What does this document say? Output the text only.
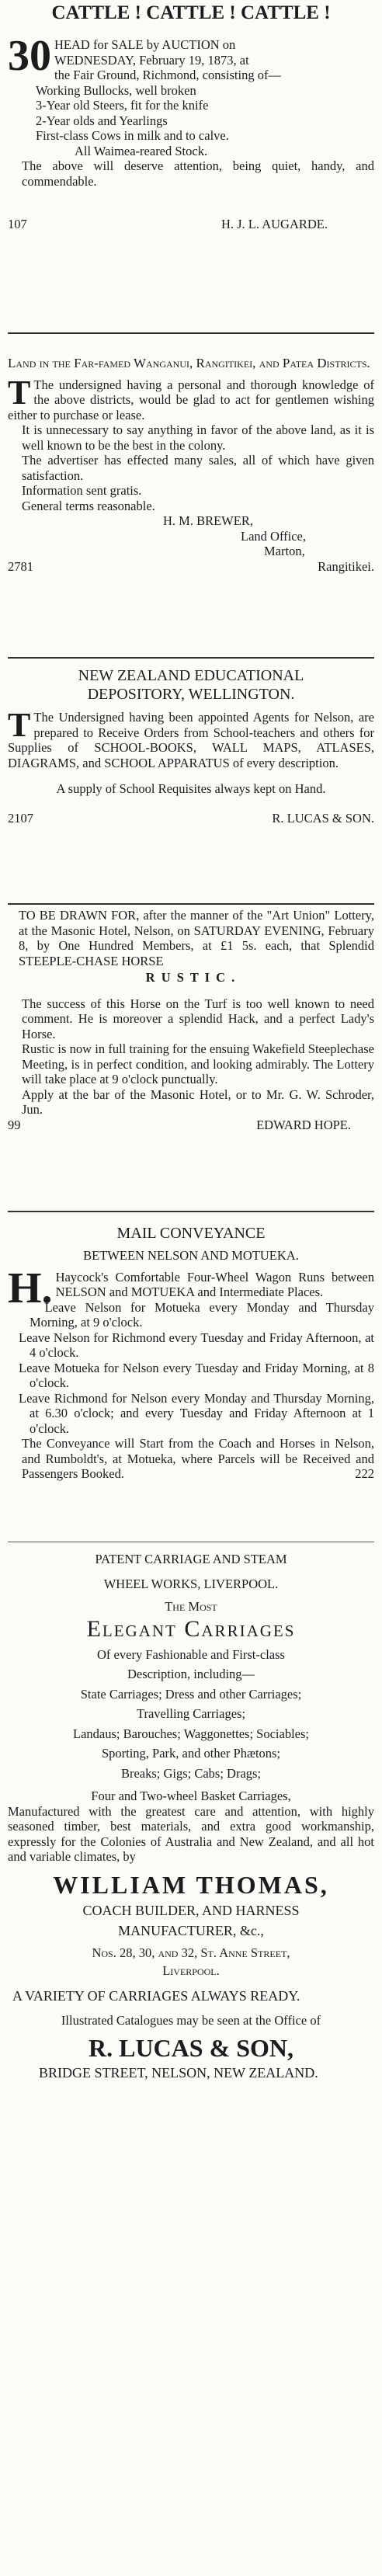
CATTLE ! CATTLE ! CATTLE !
30 HEAD for SALE by AUCTION on
WEDNESDAY, February 19, 1873, at
the Fair Ground, Richmond, consisting of—
Working Bullocks, well broken
3-Year old Steers, fit for the knife
2-Year olds and Yearlings
First-class Cows in milk and to calve.
All Waimea-reared Stock.
The above will deserve attention, being quiet, handy, and commendable.
107	H. J. L. AUGARDE.
Land in the Far-famed Wanganui, Rangitikei, and Patea Districts.
T The undersigned having a personal and thorough knowledge of the above districts, would be glad to act for gentlemen wishing either to purchase or lease.
It is unnecessary to say anything in favor of the above land, as it is well known to be the best in the colony.
The advertiser has effected many sales, all of which have given satisfaction.
Information sent gratis.
General terms reasonable.
H. M. BREWER,
Land Office,
Marton,
2781	Rangitikei.
NEW ZEALAND EDUCATIONAL
DEPOSITORY, WELLINGTON.
T The Undersigned having been appointed Agents for Nelson, are prepared to Receive Orders from School-teachers and others for Supplies of SCHOOL-BOOKS, WALL MAPS, ATLASES, DIAGRAMS, and SCHOOL APPARATUS of every description.
A supply of School Requisites always kept on Hand.
2107	R. LUCAS & SON.
TO BE DRAWN FOR, after the manner of the "Art Union" Lottery, at the Masonic Hotel, Nelson, on SATURDAY EVENING, February 8, by One Hundred Members, at £1 5s. each, that Splendid STEEPLE-CHASE HORSE
R U S T I C .
The success of this Horse on the Turf is too well known to need comment. He is moreover a splendid Hack, and a perfect Lady's Horse.
Rustic is now in full training for the ensuing Wakefield Steeplechase Meeting, is in perfect condition, and looking admirably. The Lottery will take place at 9 o'clock punctually.
Apply at the bar of the Masonic Hotel, or to Mr. G. W. Schroder, Jun.
99	EDWARD HOPE.
MAIL CONVEYANCE
BETWEEN NELSON AND MOTUEKA.
H. Haycock's Comfortable Four-Wheel Wagon Runs between NELSON and MOTUEKA and Intermediate Places.
Leave Nelson for Motueka every Monday and Thursday Morning, at 9 o'clock.
Leave Nelson for Richmond every Tuesday and Friday Afternoon, at 4 o'clock.
Leave Motueka for Nelson every Tuesday and Friday Morning, at 8 o'clock.
Leave Richmond for Nelson every Monday and Thursday Morning, at 6.30 o'clock; and every Tuesday and Friday Afternoon at 1 o'clock.
The Conveyance will Start from the Coach and Horses in Nelson, and Rumboldt's, at Motueka, where Parcels will be Received and Passengers Booked.	222
PATENT CARRIAGE AND STEAM
WHEEL WORKS, LIVERPOOL.
The Most
Elegant Carriages
Of every Fashionable and First-class
Description, including—
State Carriages; Dress and other Carriages;
Travelling Carriages;
Landaus; Barouches; Waggonettes; Sociables;
Sporting, Park, and other Phætons;
Breaks; Gigs; Cabs; Drags;
Four and Two-wheel Basket Carriages,
Manufactured with the greatest care and attention, with highly seasoned timber, best materials, and extra good workmanship, expressly for the Colonies of Australia and New Zealand, and all hot and variable climates, by
WILLIAM THOMAS,
COACH BUILDER, AND HARNESS
MANUFACTURER, &c.,
Nos. 28, 30, and 32, St. Anne Street,
Liverpool.
A VARIETY OF CARRIAGES ALWAYS READY.
Illustrated Catalogues may be seen at the Office of
R. LUCAS & SON,
BRIDGE STREET, NELSON, NEW ZEALAND.
